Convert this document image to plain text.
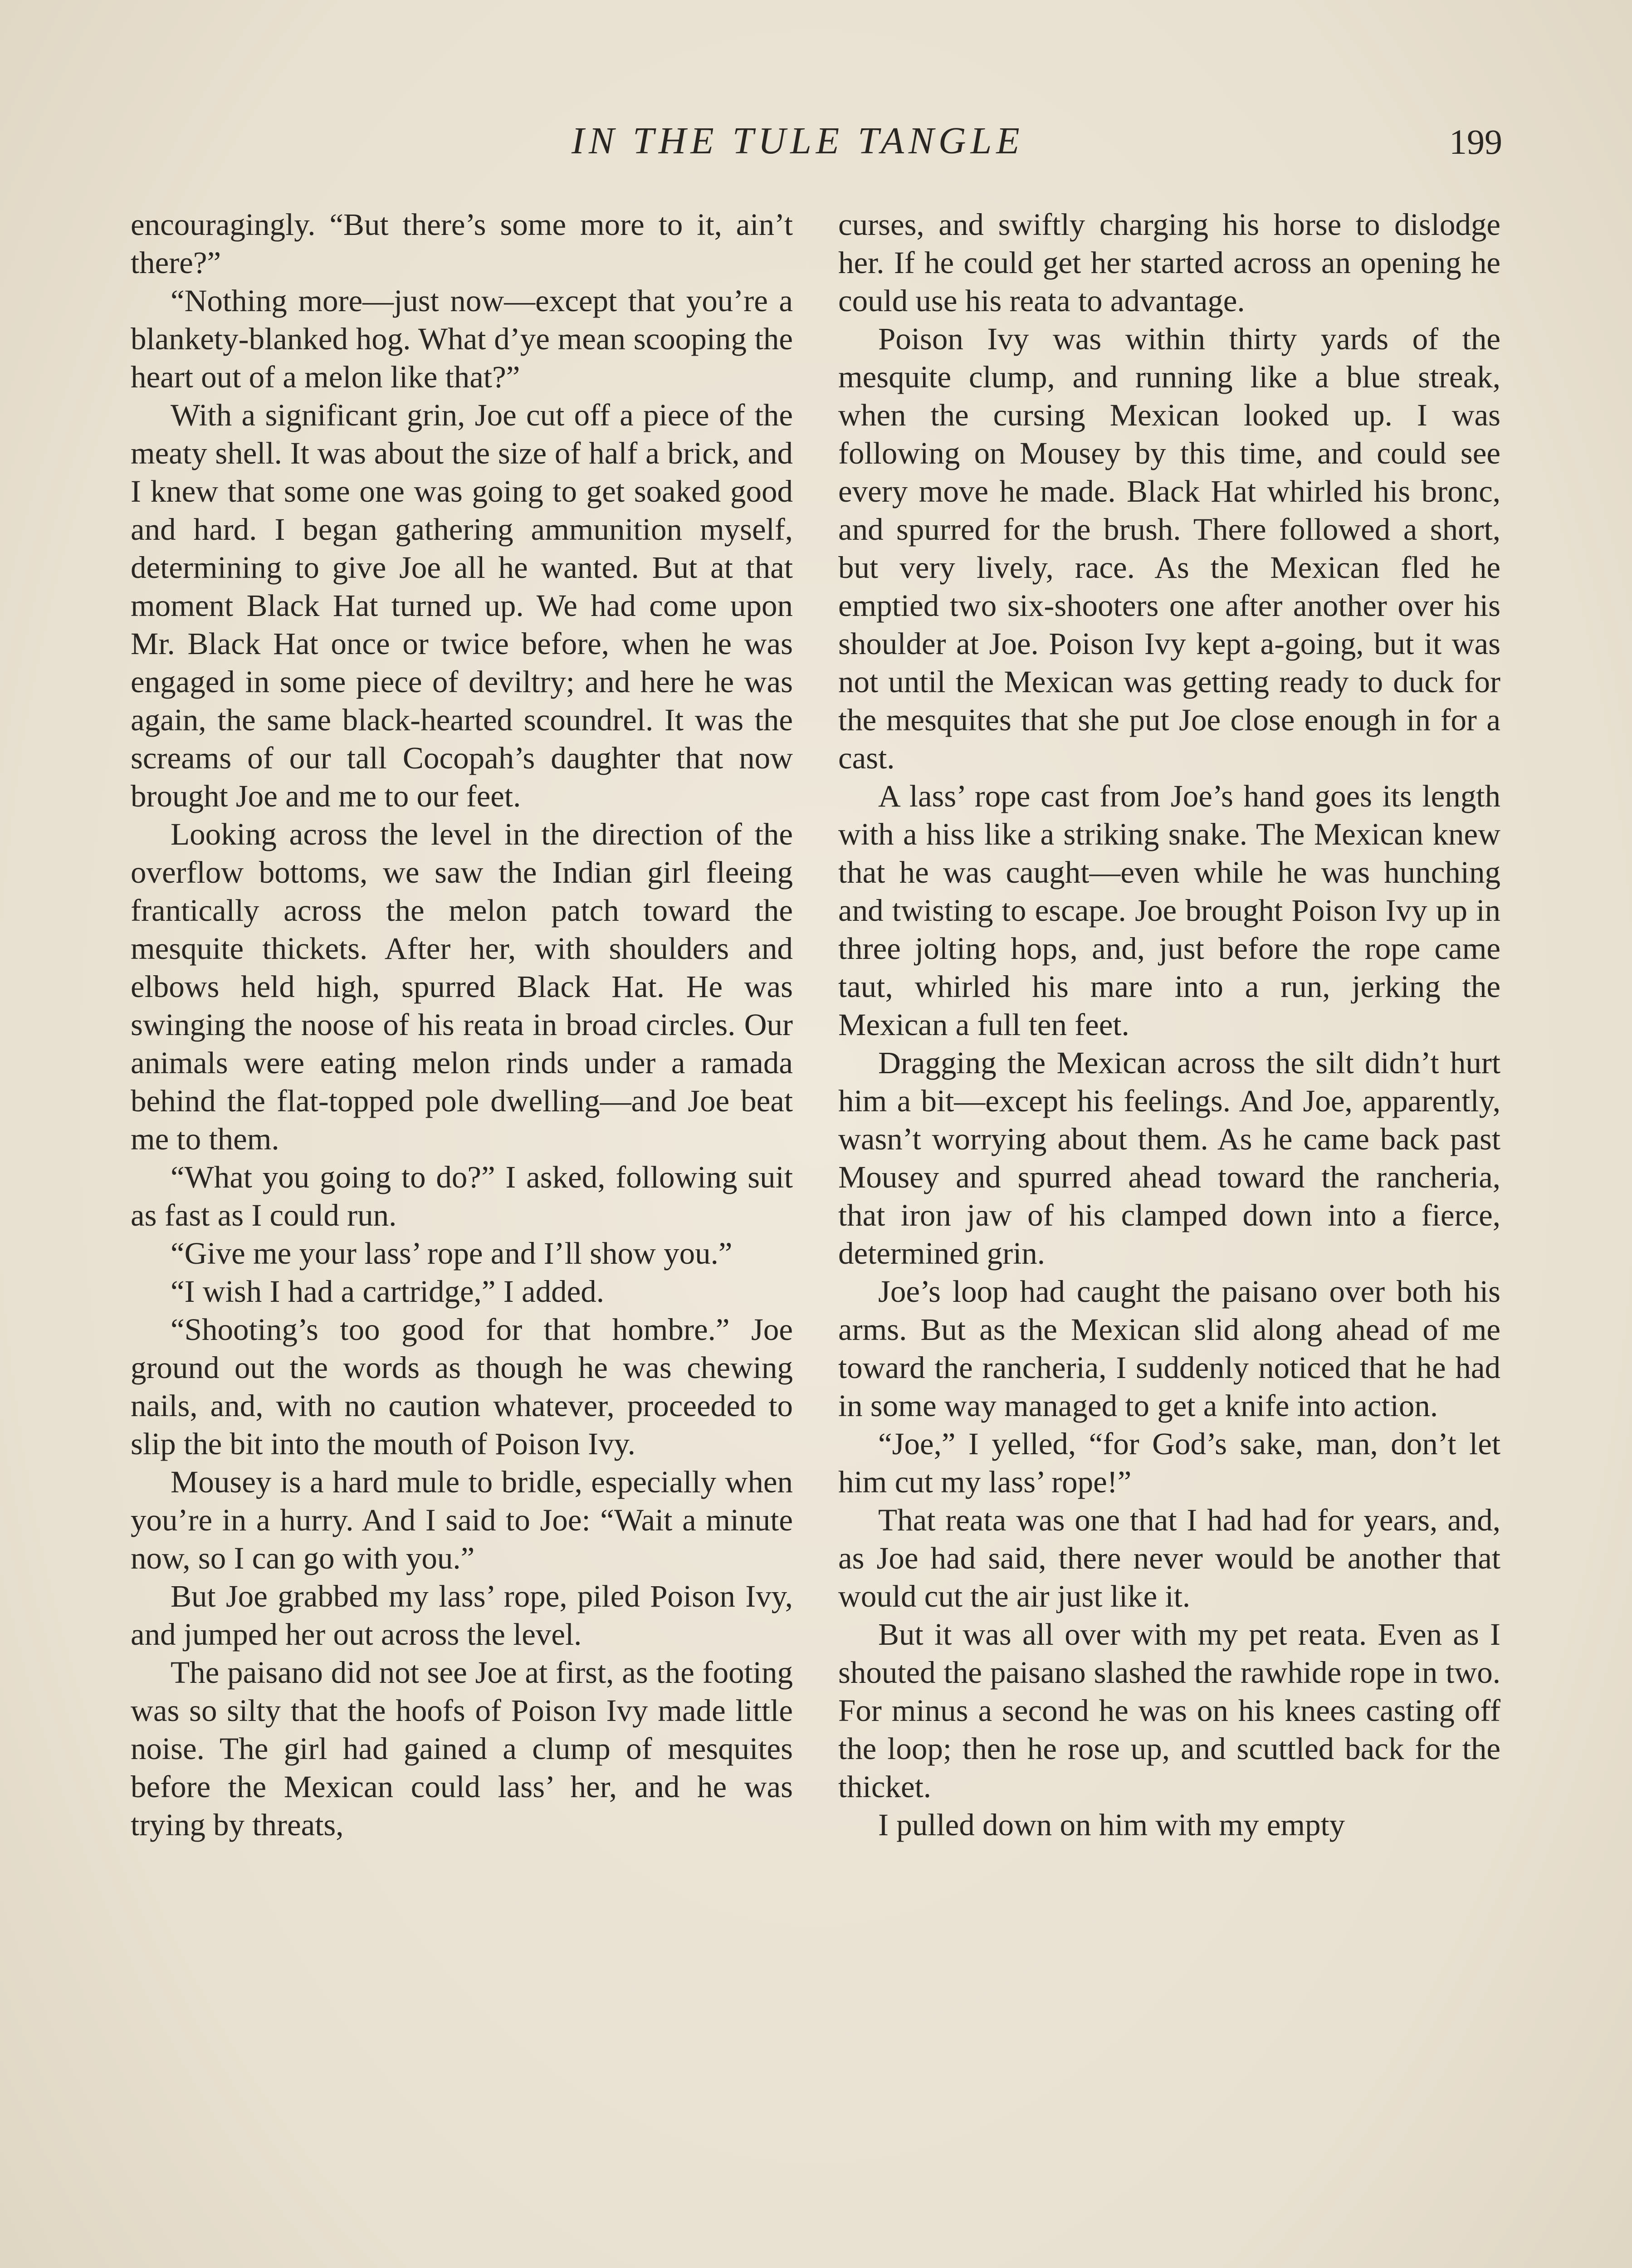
IN THE TULE TANGLE	199

encouragingly. “But there’s some more to it, ain’t there?”

“Nothing more—just now—except that you’re a blankety-blanked hog. What d’ye mean scooping the heart out of a melon like that?”

With a significant grin, Joe cut off a piece of the meaty shell. It was about the size of half a brick, and I knew that some one was going to get soaked good and hard. I began gathering ammunition myself, determining to give Joe all he wanted. But at that moment Black Hat turned up. We had come upon Mr. Black Hat once or twice before, when he was engaged in some piece of deviltry; and here he was again, the same black-hearted scoundrel. It was the screams of our tall Cocopah’s daughter that now brought Joe and me to our feet.

Looking across the level in the direction of the overflow bottoms, we saw the Indian girl fleeing frantically across the melon patch toward the mesquite thickets. After her, with shoulders and elbows held high, spurred Black Hat. He was swinging the noose of his reata in broad circles. Our animals were eating melon rinds under a ramada behind the flat-topped pole dwelling—and Joe beat me to them.

“What you going to do?” I asked, following suit as fast as I could run.

“Give me your lass’ rope and I’ll show you.”

“I wish I had a cartridge,” I added.

“Shooting’s too good for that hombre.” Joe ground out the words as though he was chewing nails, and, with no caution whatever, proceeded to slip the bit into the mouth of Poison Ivy.

Mousey is a hard mule to bridle, especially when you’re in a hurry. And I said to Joe: “Wait a minute now, so I can go with you.”

But Joe grabbed my lass’ rope, piled Poison Ivy, and jumped her out across the level.

The paisano did not see Joe at first, as the footing was so silty that the hoofs of Poison Ivy made little noise. The girl had gained a clump of mesquites before the Mexican could lass’ her, and he was trying by threats,

curses, and swiftly charging his horse to dislodge her. If he could get her started across an opening he could use his reata to advantage.

Poison Ivy was within thirty yards of the mesquite clump, and running like a blue streak, when the cursing Mexican looked up. I was following on Mousey by this time, and could see every move he made. Black Hat whirled his bronc, and spurred for the brush. There followed a short, but very lively, race. As the Mexican fled he emptied two six-shooters one after another over his shoulder at Joe. Poison Ivy kept a-going, but it was not until the Mexican was getting ready to duck for the mesquites that she put Joe close enough in for a cast.

A lass’ rope cast from Joe’s hand goes its length with a hiss like a striking snake. The Mexican knew that he was caught—even while he was hunching and twisting to escape. Joe brought Poison Ivy up in three jolting hops, and, just before the rope came taut, whirled his mare into a run, jerking the Mexican a full ten feet.

Dragging the Mexican across the silt didn’t hurt him a bit—except his feelings. And Joe, apparently, wasn’t worrying about them. As he came back past Mousey and spurred ahead toward the rancheria, that iron jaw of his clamped down into a fierce, determined grin.

Joe’s loop had caught the paisano over both his arms. But as the Mexican slid along ahead of me toward the rancheria, I suddenly noticed that he had in some way managed to get a knife into action.

“Joe,” I yelled, “for God’s sake, man, don’t let him cut my lass’ rope!”

That reata was one that I had had for years, and, as Joe had said, there never would be another that would cut the air just like it.

But it was all over with my pet reata. Even as I shouted the paisano slashed the rawhide rope in two. For minus a second he was on his knees casting off the loop; then he rose up, and scuttled back for the thicket.

I pulled down on him with my empty
